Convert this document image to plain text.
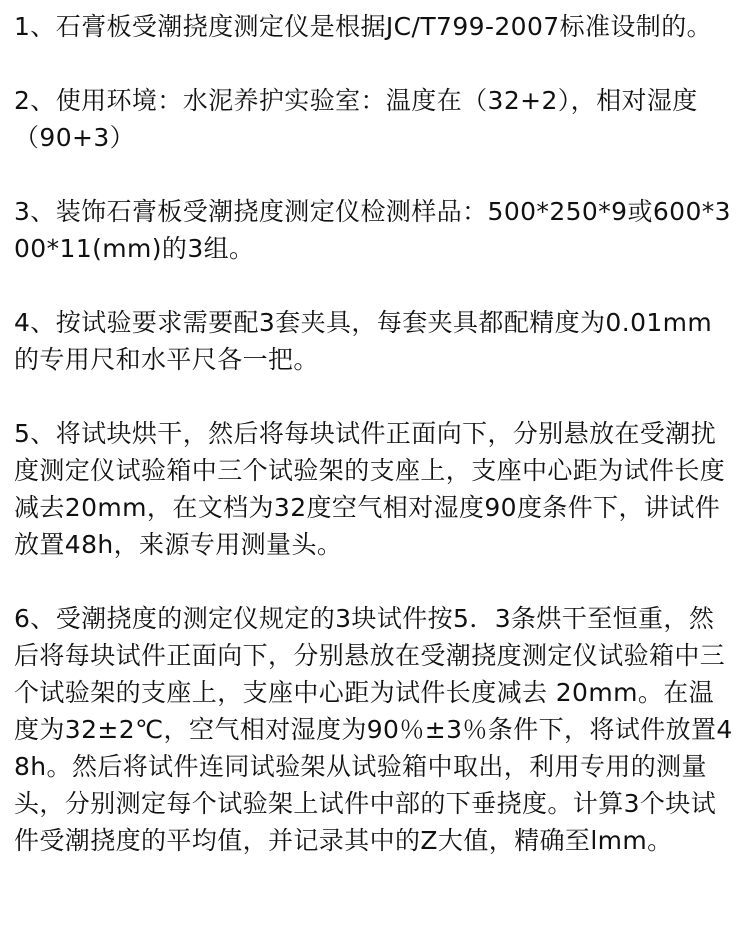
1、石膏板受潮挠度测定仪是根据JC/T799-2007标准设制的。

2、使用环境：水泥养护实验室：温度在（32+2），相对湿度（90+3）

3、装饰石膏板受潮挠度测定仪检测样品：500*250*9或600*300*11(mm)的3组。

4、按试验要求需要配3套夹具，每套夹具都配精度为0.01mm的专用尺和水平尺各一把。

5、将试块烘干，然后将每块试件正面向下，分别悬放在受潮扰度测定仪试验箱中三个试验架的支座上，支座中心距为试件长度减去20mm，在文档为32度空气相对湿度90度条件下，讲试件放置48h，来源专用测量头。

6、受潮挠度的测定仪规定的3块试件按5．3条烘干至恒重，然后将每块试件正面向下，分别悬放在受潮挠度测定仪试验箱中三个试验架的支座上，支座中心距为试件长度减去 20mm。在温度为32±2℃，空气相对湿度为90％±3％条件下，将试件放置48h。然后将试件连同试验架从试验箱中取出，利用专用的测量头，分别测定每个试验架上试件中部的下垂挠度。计算3个块试件受潮挠度的平均值，并记录其中的Z大值，精确至lmm。
